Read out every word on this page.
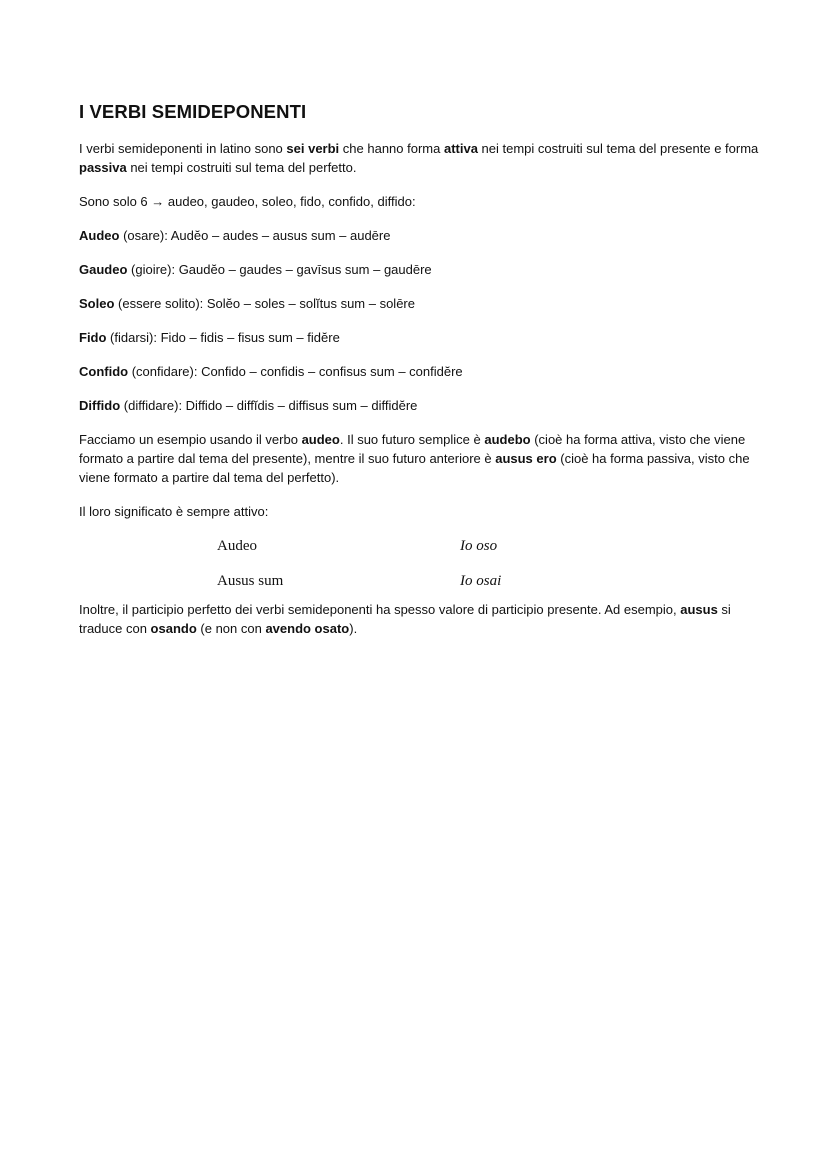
I VERBI SEMIDEPONENTI

I verbi semideponenti in latino sono sei verbi che hanno forma attiva nei tempi costruiti sul tema del presente e forma passiva nei tempi costruiti sul tema del perfetto.

Sono solo 6 → audeo, gaudeo, soleo, fido, confido, diffido:

Audeo (osare): Audĕo – audes – ausus sum – audēre

Gaudeo (gioire): Gaudĕo – gaudes – gavīsus sum – gaudēre

Soleo (essere solito): Solĕo – soles – solĭtus sum – solēre

Fido (fidarsi): Fido – fidis – fisus sum – fidĕre

Confido (confidare): Confido – confidis – confisus sum – confidĕre

Diffido (diffidare): Diffido – diffĭdis – diffisus sum – diffidĕre

Facciamo un esempio usando il verbo audeo. Il suo futuro semplice è audebo (cioè ha forma attiva, visto che viene formato a partire dal tema del presente), mentre il suo futuro anteriore è ausus ero (cioè ha forma passiva, visto che viene formato a partire dal tema del perfetto).

Il loro significato è sempre attivo:

Audeo	Io oso
Ausus sum	Io osai

Inoltre, il participio perfetto dei verbi semideponenti ha spesso valore di participio presente. Ad esempio, ausus si traduce con osando (e non con avendo osato).
